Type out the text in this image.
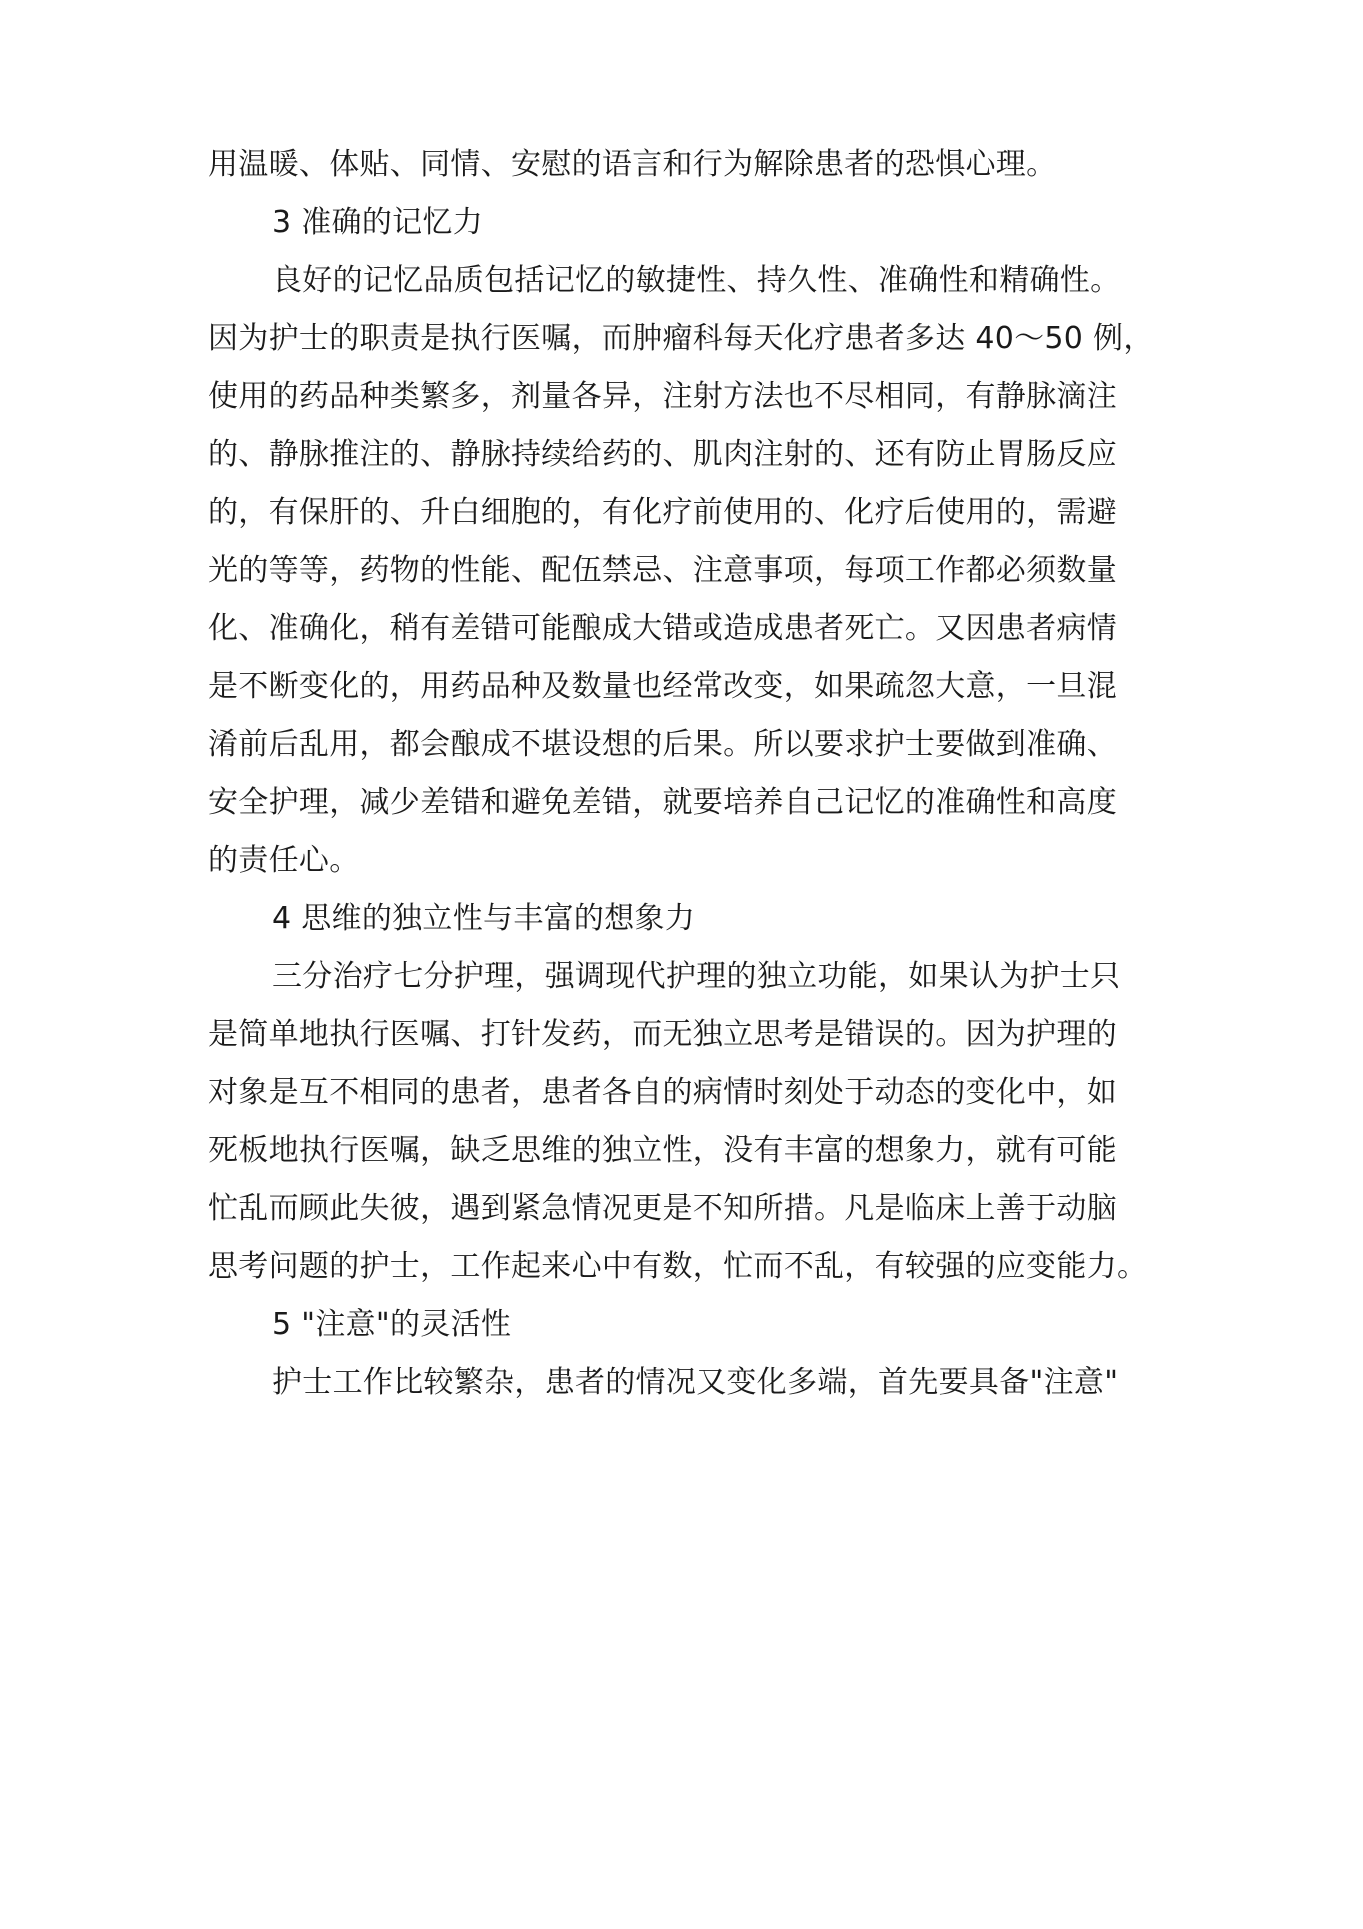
用温暖、体贴、同情、安慰的语言和行为解除患者的恐惧心理。
3 准确的记忆力
良好的记忆品质包括记忆的敏捷性、持久性、准确性和精确性。
因为护士的职责是执行医嘱，而肿瘤科每天化疗患者多达 40～50 例，
使用的药品种类繁多，剂量各异，注射方法也不尽相同，有静脉滴注
的、静脉推注的、静脉持续给药的、肌肉注射的、还有防止胃肠反应
的，有保肝的、升白细胞的，有化疗前使用的、化疗后使用的，需避
光的等等，药物的性能、配伍禁忌、注意事项，每项工作都必须数量
化、准确化，稍有差错可能酿成大错或造成患者死亡。又因患者病情
是不断变化的，用药品种及数量也经常改变，如果疏忽大意，一旦混
淆前后乱用，都会酿成不堪设想的后果。所以要求护士要做到准确、
安全护理，减少差错和避免差错，就要培养自己记忆的准确性和高度
的责任心。
4 思维的独立性与丰富的想象力
三分治疗七分护理，强调现代护理的独立功能，如果认为护士只
是简单地执行医嘱、打针发药，而无独立思考是错误的。因为护理的
对象是互不相同的患者，患者各自的病情时刻处于动态的变化中，如
死板地执行医嘱，缺乏思维的独立性，没有丰富的想象力，就有可能
忙乱而顾此失彼，遇到紧急情况更是不知所措。凡是临床上善于动脑
思考问题的护士，工作起来心中有数，忙而不乱，有较强的应变能力。
5 "注意"的灵活性
护士工作比较繁杂，患者的情况又变化多端，首先要具备"注意"
